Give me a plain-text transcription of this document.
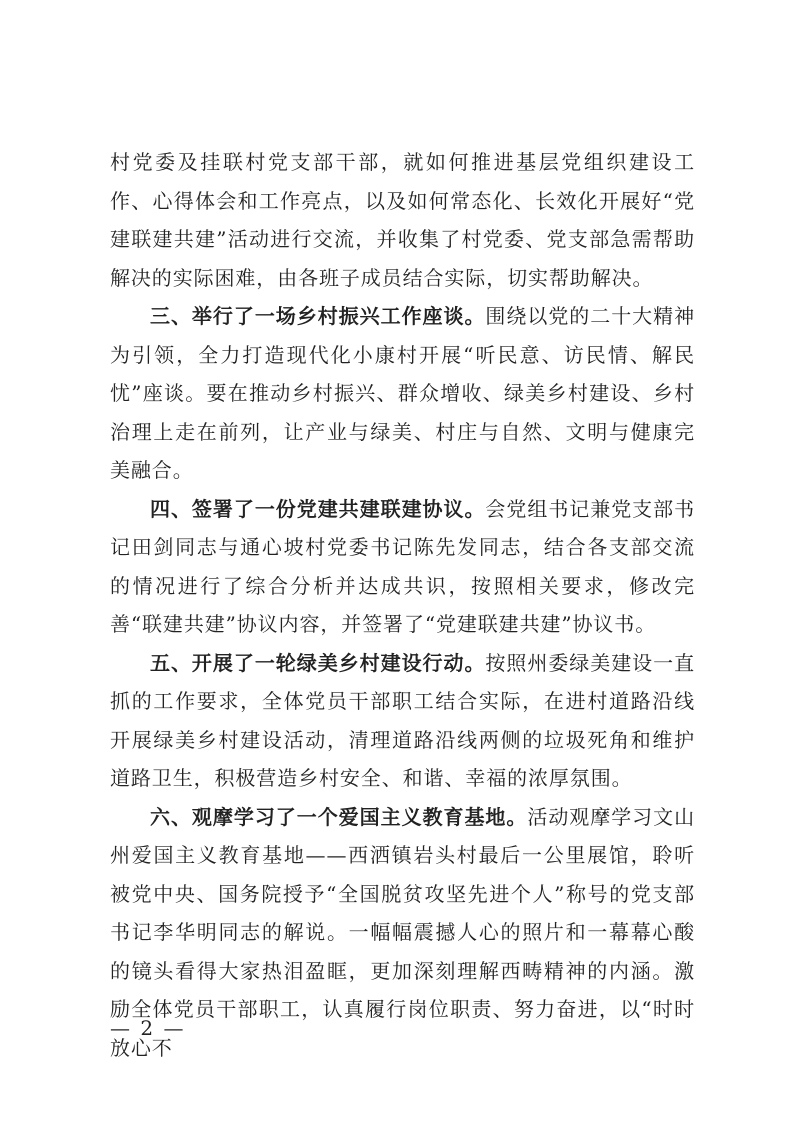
村党委及挂联村党支部干部，就如何推进基层党组织建设工作、心得体会和工作亮点，以及如何常态化、长效化开展好“党建联建共建”活动进行交流，并收集了村党委、党支部急需帮助解决的实际困难，由各班子成员结合实际，切实帮助解决。

三、举行了一场乡村振兴工作座谈。围绕以党的二十大精神为引领，全力打造现代化小康村开展“听民意、访民情、解民忧”座谈。要在推动乡村振兴、群众增收、绿美乡村建设、乡村治理上走在前列，让产业与绿美、村庄与自然、文明与健康完美融合。

四、签署了一份党建共建联建协议。会党组书记兼党支部书记田剑同志与通心坡村党委书记陈先发同志，结合各支部交流的情况进行了综合分析并达成共识，按照相关要求，修改完善“联建共建”协议内容，并签署了“党建联建共建”协议书。

五、开展了一轮绿美乡村建设行动。按照州委绿美建设一直抓的工作要求，全体党员干部职工结合实际，在进村道路沿线开展绿美乡村建设活动，清理道路沿线两侧的垃圾死角和维护道路卫生，积极营造乡村安全、和谐、幸福的浓厚氛围。

六、观摩学习了一个爱国主义教育基地。活动观摩学习文山州爱国主义教育基地——西洒镇岩头村最后一公里展馆，聆听被党中央、国务院授予“全国脱贫攻坚先进个人”称号的党支部书记李华明同志的解说。一幅幅震撼人心的照片和一幕幕心酸的镜头看得大家热泪盈眶，更加深刻理解西畴精神的内涵。激励全体党员干部职工，认真履行岗位职责、努力奋进，以“时时放心不

— 2 —
